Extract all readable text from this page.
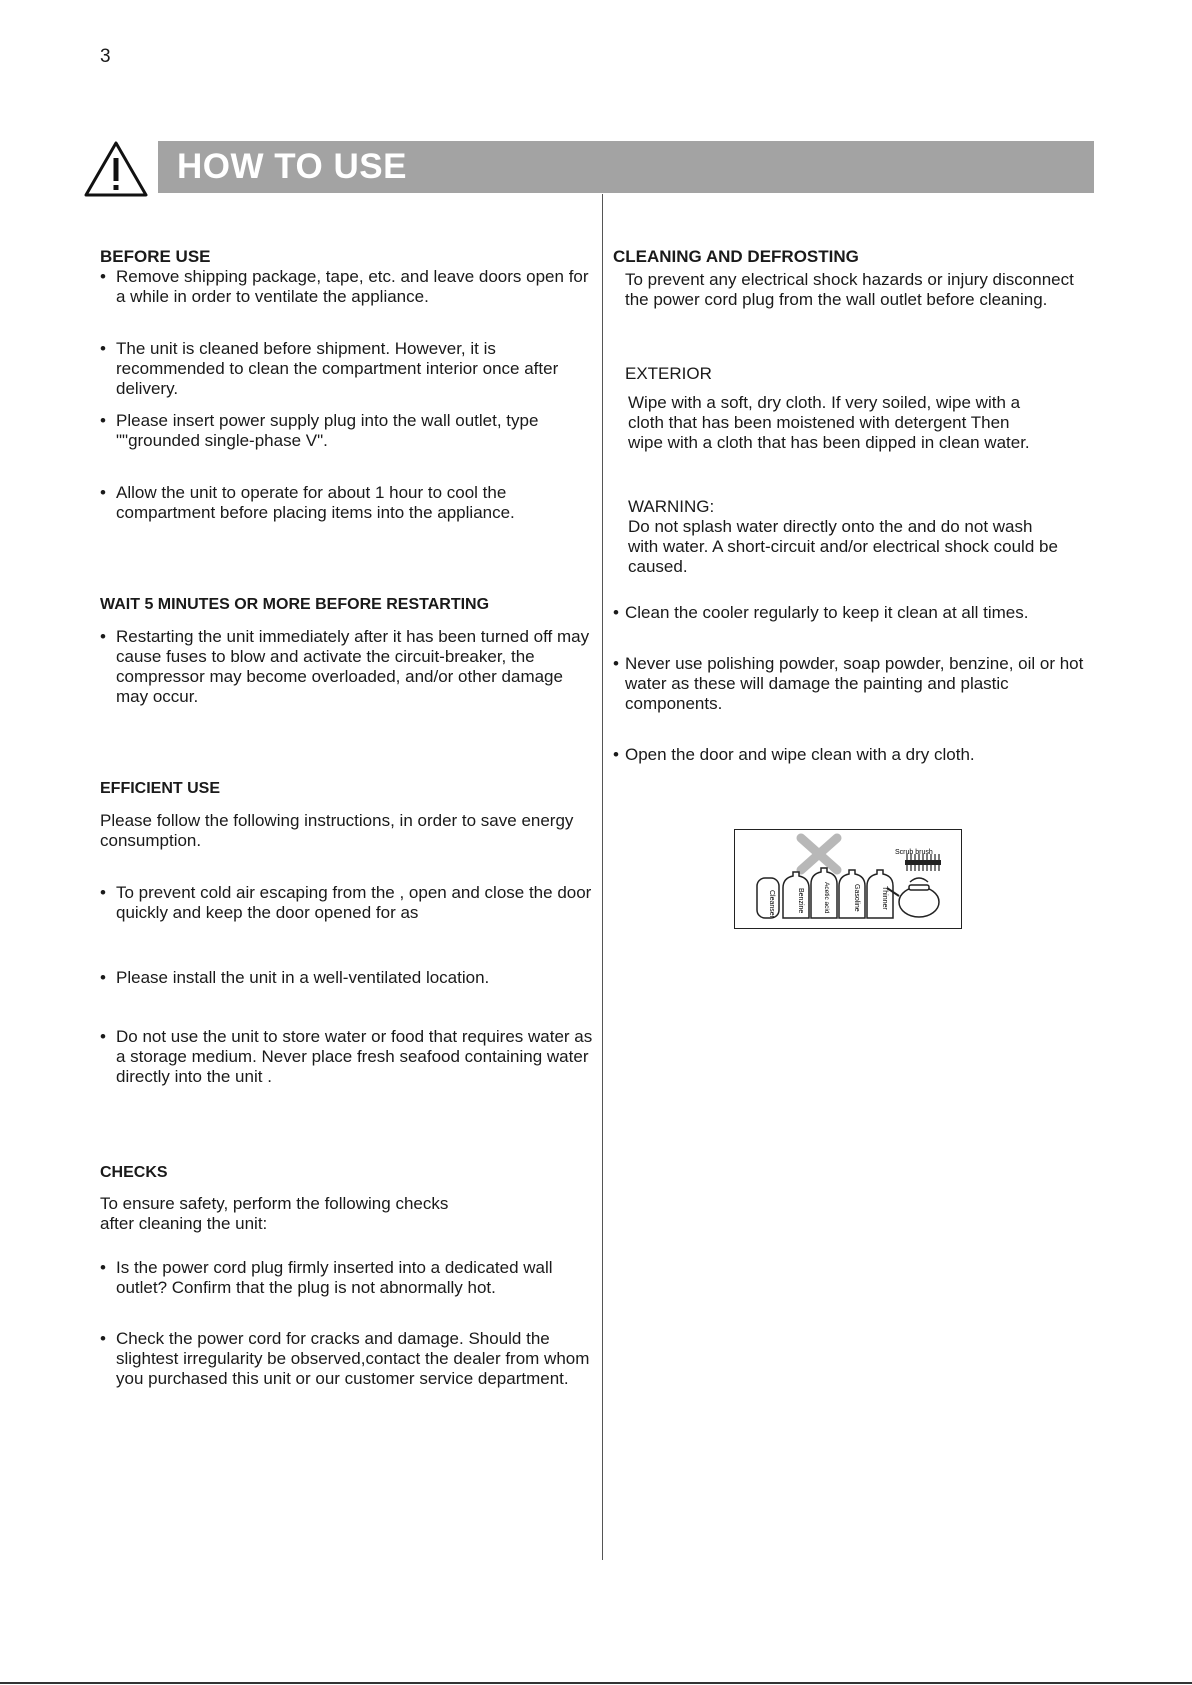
3
HOW TO USE
BEFORE USE
• Remove shipping package, tape, etc. and leave doors open for a while in order to ventilate the appliance.
• The unit is cleaned before shipment. However, it is recommended to clean the compartment interior once after delivery.
• Please insert power supply plug into the wall outlet, type ""grounded single-phase V".
• Allow the unit to operate for about 1 hour to cool the compartment before placing items into the appliance.
WAIT 5 MINUTES OR MORE BEFORE RESTARTING
• Restarting the unit immediately after it has been turned off may cause fuses to blow and activate the circuit-breaker, the compressor may become overloaded, and/or other damage may occur.
EFFICIENT USE
Please follow the following instructions, in order to save energy consumption.
• To prevent cold air escaping from the , open and close the door quickly and keep the door opened for as
• Please install the unit in a well-ventilated location.
• Do not use the unit to store water or food that requires water as a storage medium. Never place fresh seafood containing water directly into the unit .
CHECKS
To ensure safety, perform the following checks after cleaning the unit:
• Is the power cord plug firmly inserted into a dedicated wall outlet? Confirm that the plug is not abnormally hot.
• Check the power cord for cracks and damage. Should the slightest irregularity be observed,contact the dealer from whom you purchased this unit or our customer service department.
CLEANING AND DEFROSTING
To prevent any electrical shock hazards or injury disconnect the power cord plug from the wall outlet before cleaning.
EXTERIOR
Wipe with a soft, dry cloth. If very soiled, wipe with a cloth that has been moistened with detergent Then wipe with a cloth that has been dipped in clean water.
WARNING:
Do not splash water directly onto the and do not wash with water. A short-circuit and/or electrical shock could be caused.
• Clean the cooler regularly to keep it clean at all times.
• Never use polishing powder, soap powder, benzine, oil or hot water as these will damage the painting and plastic components.
• Open the door and wipe clean with a dry cloth.
Cleanser	Benzine	Acetic acid	Gasoline	Thinner
Scrub brush
